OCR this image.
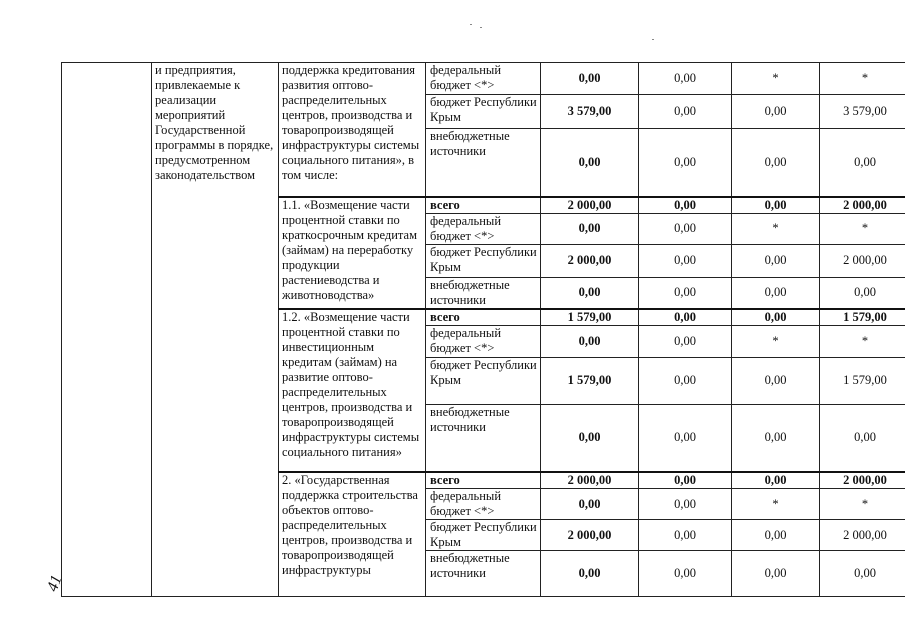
	и предприятия, привлекаемые к реализации мероприятий Государственной программы в порядке, предусмотренном законодательством	поддержка кредитования развития оптово-распределительных центров, производства и товаропроизводящей инфраструктуры системы социального питания», в том числе:	федеральный бюджет <*>	0,00	0,00	*	*
			бюджет Республики Крым	3 579,00	0,00	0,00	3 579,00
			внебюджетные источники	0,00	0,00	0,00	0,00
		1.1. «Возмещение части процентной ставки по краткосрочным кредитам (займам) на переработку продукции растениеводства и животноводства»	всего	2 000,00	0,00	0,00	2 000,00
			федеральный бюджет <*>	0,00	0,00	*	*
			бюджет Республики Крым	2 000,00	0,00	0,00	2 000,00
			внебюджетные источники	0,00	0,00	0,00	0,00
		1.2. «Возмещение части процентной ставки по инвестиционным кредитам (займам) на развитие оптово-распределительных центров, производства и товаропроизводящей инфраструктуры системы социального питания»	всего	1 579,00	0,00	0,00	1 579,00
			федеральный бюджет <*>	0,00	0,00	*	*
			бюджет Республики Крым	1 579,00	0,00	0,00	1 579,00
			внебюджетные источники	0,00	0,00	0,00	0,00
		2. «Государственная поддержка строительства объектов оптово-распределительных центров, производства и товаропроизводящей инфраструктуры	всего	2 000,00	0,00	0,00	2 000,00
			федеральный бюджет <*>	0,00	0,00	*	*
			бюджет Республики Крым	2 000,00	0,00	0,00	2 000,00
			внебюджетные источники	0,00	0,00	0,00	0,00
41
